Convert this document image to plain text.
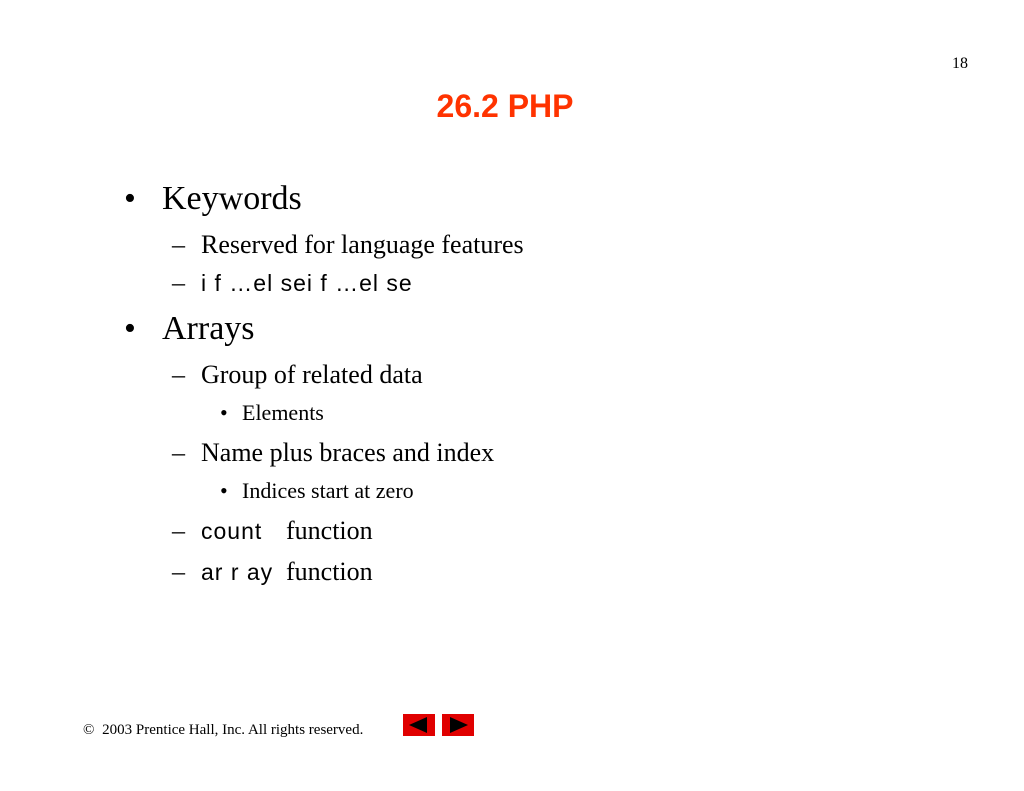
18
26.2 PHP
• Keywords
– Reserved for language features
– i f …el sei f …el se
• Arrays
– Group of related data
• Elements
– Name plus braces and index
• Indices start at zero
– count function
– ar r ay function
© 2003 Prentice Hall, Inc. All rights reserved.
